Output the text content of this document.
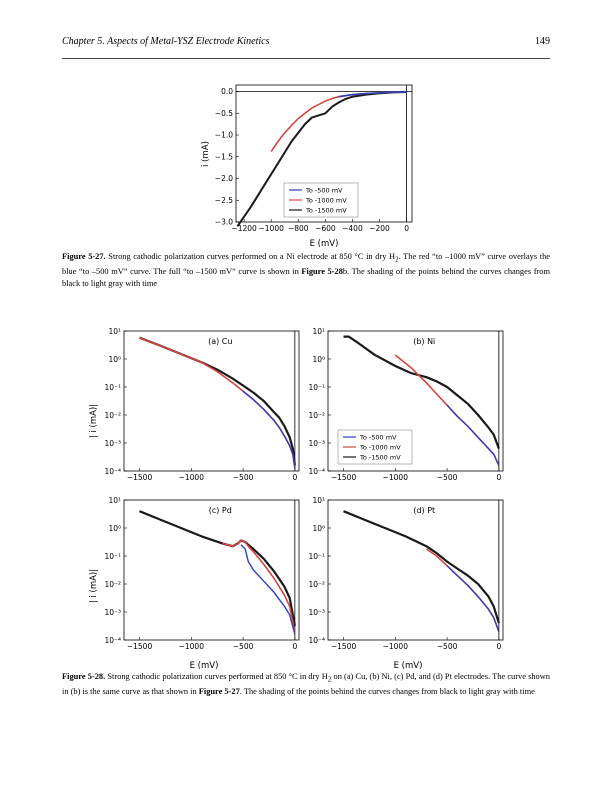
Chapter 5. Aspects of Metal-YSZ Electrode Kinetics	149
0.0
−0.5
−1.0
−1.5
−2.0
−2.5
−3.0
−1200 −1000 −800 −600 −400 −200 0
i (mA)
E (mV)
To -500 mV
To -1000 mV
To -1500 mV
Figure 5-27. Strong cathodic polarization curves performed on a Ni electrode at 850 °C in dry $H_2$. The red “to –1000 mV” curve overlays the blue “to –500 mV” curve. The full “to –1500 mV” curve is shown in Figure 5-28b. The shading of the points behind the curves changes from black to light gray with time
(a) Cu
10¹
10⁰
10⁻¹
10⁻²
10⁻³
10⁻⁴
−1500	−1000	−500	0
(b) Ni
10¹
10⁰
10⁻¹
10⁻²
10⁻³
10⁻⁴
−1500	−1000	−500	0
(c) Pd
10¹
10⁰
10⁻¹
10⁻²
10⁻³
10⁻⁴
−1500	−1000	−500	0
(d) Pt
10¹
10⁰
10⁻¹
10⁻²
10⁻³
10⁻⁴
−1500	−1000	−500	0
| i (mA)|
| i (mA)|
E (mV)	E (mV)
To -500 mV
To -1000 mV
To -1500 mV
Figure 5-28. Strong cathodic polarization curves performed at 850 °C in dry $H_2$ on (a) Cu, (b) Ni, (c) Pd, and (d) Pt electrodes. The curve shown in (b) is the same curve as that shown in Figure 5-27. The shading of the points behind the curves changes from black to light gray with time
